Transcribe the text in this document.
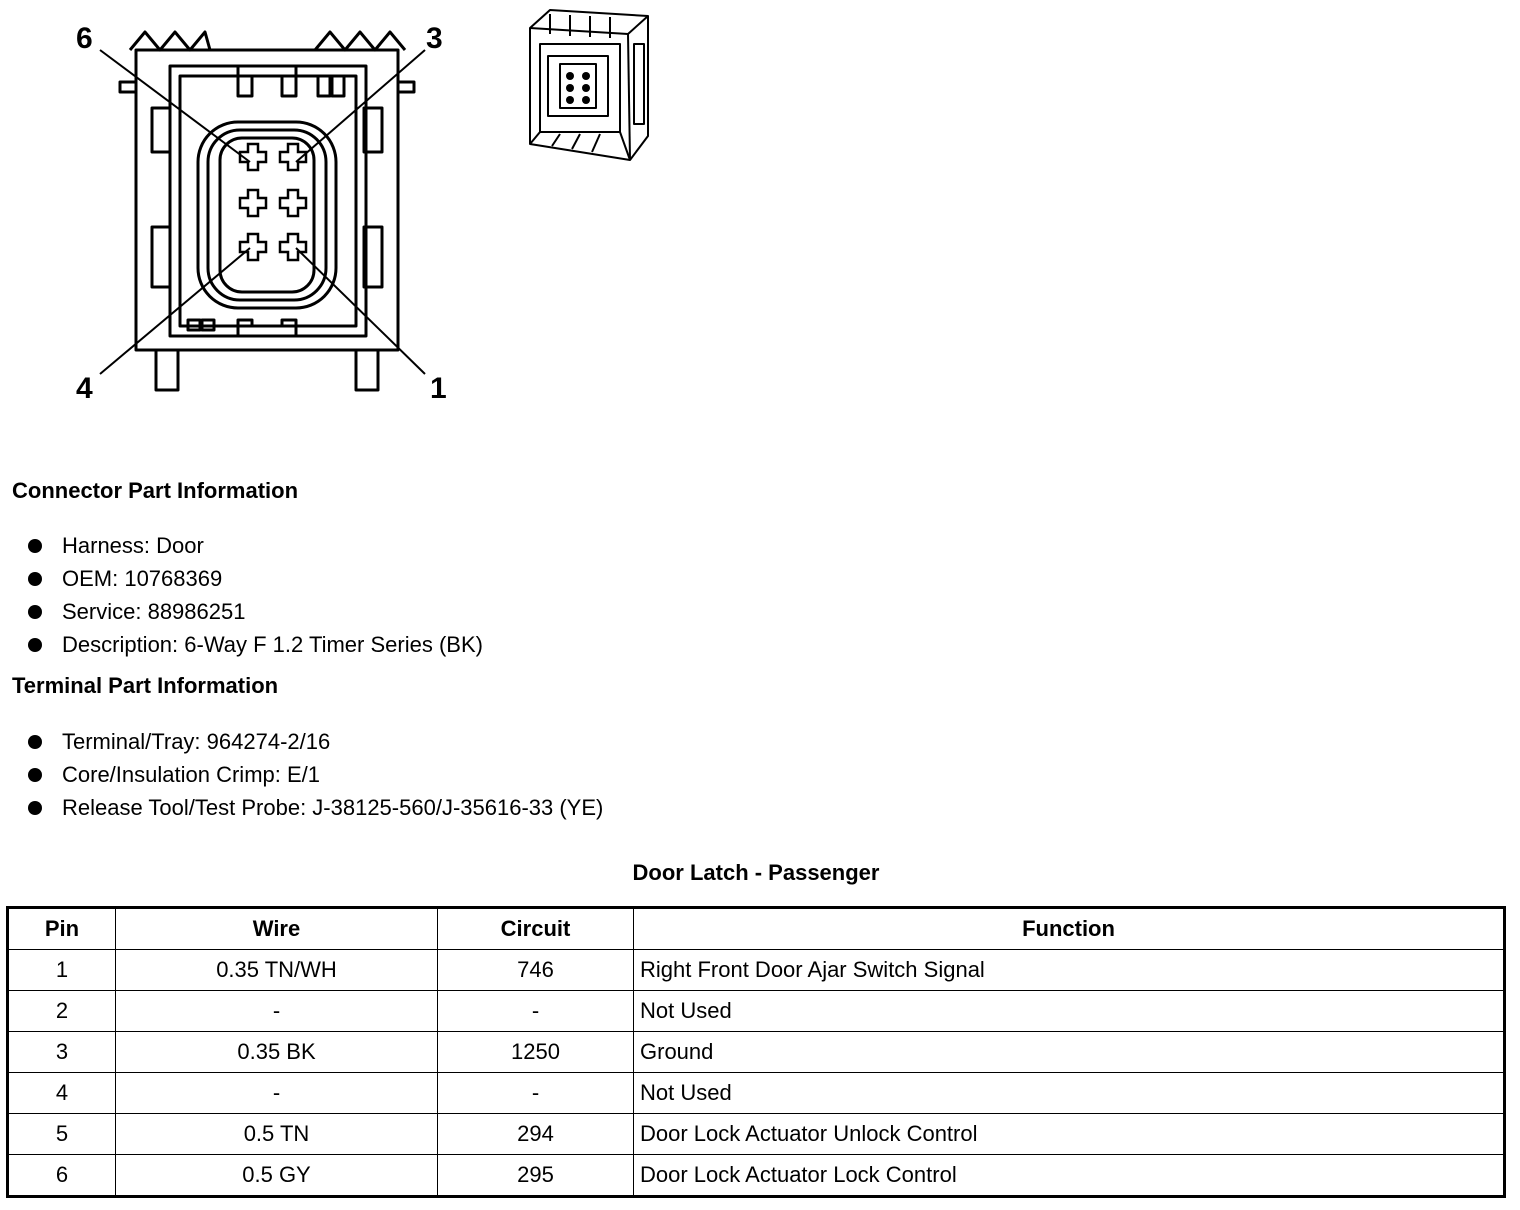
6	3
4	1
Connector Part Information
Harness: Door
OEM: 10768369
Service: 88986251
Description: 6-Way F 1.2 Timer Series (BK)
Terminal Part Information
Terminal/Tray: 964274-2/16
Core/Insulation Crimp: E/1
Release Tool/Test Probe: J-38125-560/J-35616-33 (YE)
Door Latch - Passenger
Pin	Wire	Circuit	Function
1	0.35 TN/WH	746	Right Front Door Ajar Switch Signal
2	-	-	Not Used
3	0.35 BK	1250	Ground
4	-	-	Not Used
5	0.5 TN	294	Door Lock Actuator Unlock Control
6	0.5 GY	295	Door Lock Actuator Lock Control
